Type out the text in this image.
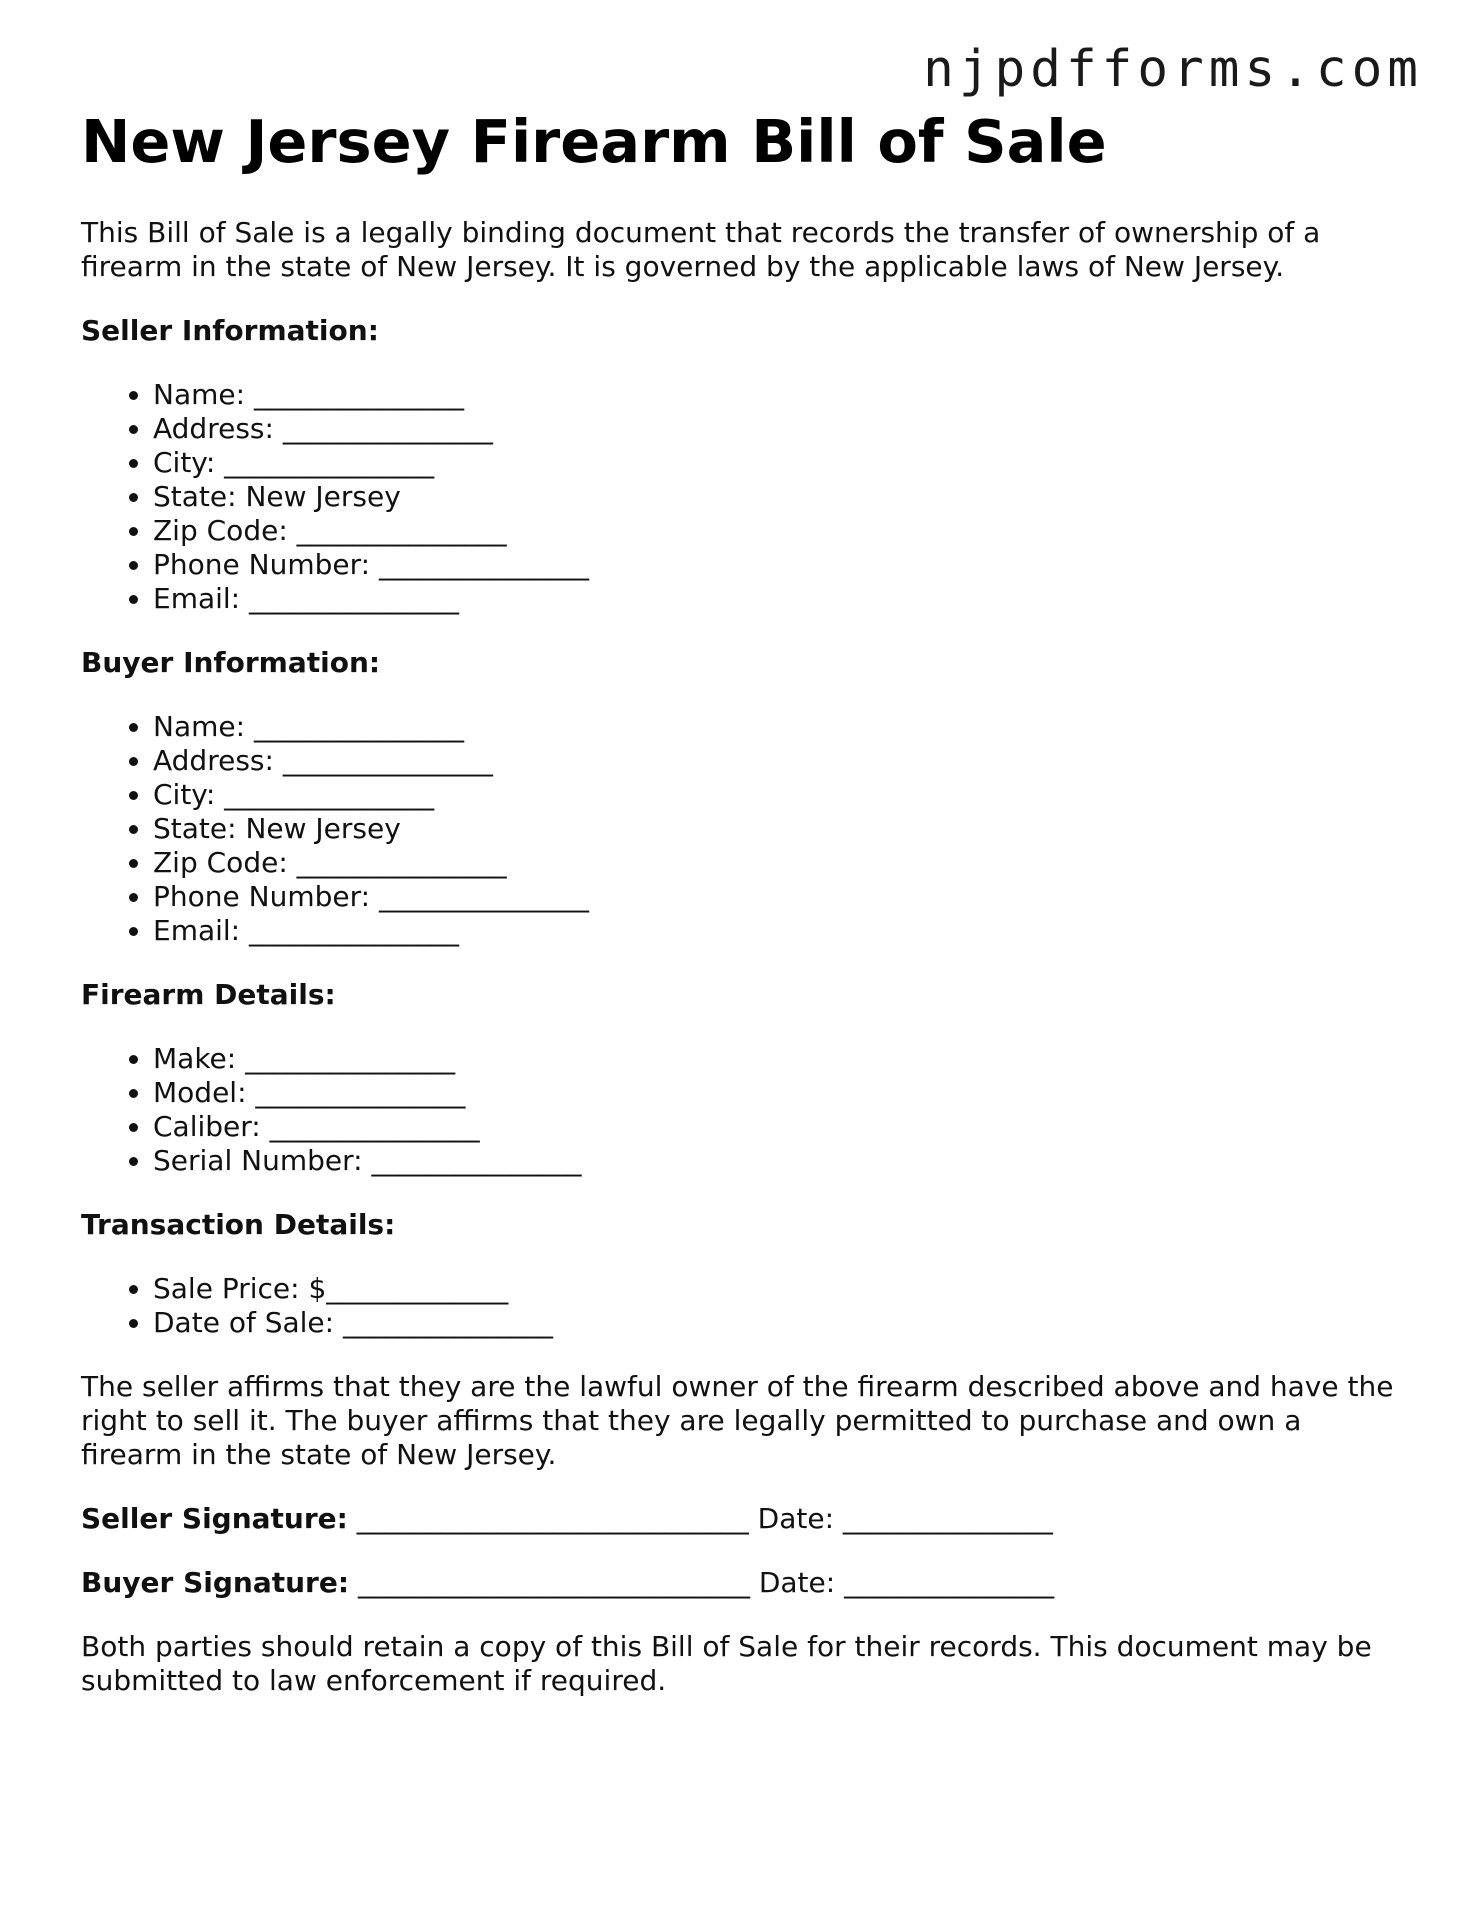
njpdfforms.com
New Jersey Firearm Bill of Sale

This Bill of Sale is a legally binding document that records the transfer of ownership of a firearm in the state of New Jersey. It is governed by the applicable laws of New Jersey.

Seller Information:
• Name: _______________
• Address: _______________
• City: _______________
• State: New Jersey
• Zip Code: _______________
• Phone Number: _______________
• Email: _______________
Buyer Information:
• Name: _______________
• Address: _______________
• City: _______________
• State: New Jersey
• Zip Code: _______________
• Phone Number: _______________
• Email: _______________
Firearm Details:
• Make: _______________
• Model: _______________
• Caliber: _______________
• Serial Number: _______________
Transaction Details:
• Sale Price: $_____________
• Date of Sale: _______________

The seller affirms that they are the lawful owner of the firearm described above and have the right to sell it. The buyer affirms that they are legally permitted to purchase and own a firearm in the state of New Jersey.

Seller Signature: ____________________________ Date: _______________
Buyer Signature: ____________________________ Date: _______________

Both parties should retain a copy of this Bill of Sale for their records. This document may be submitted to law enforcement if required.
